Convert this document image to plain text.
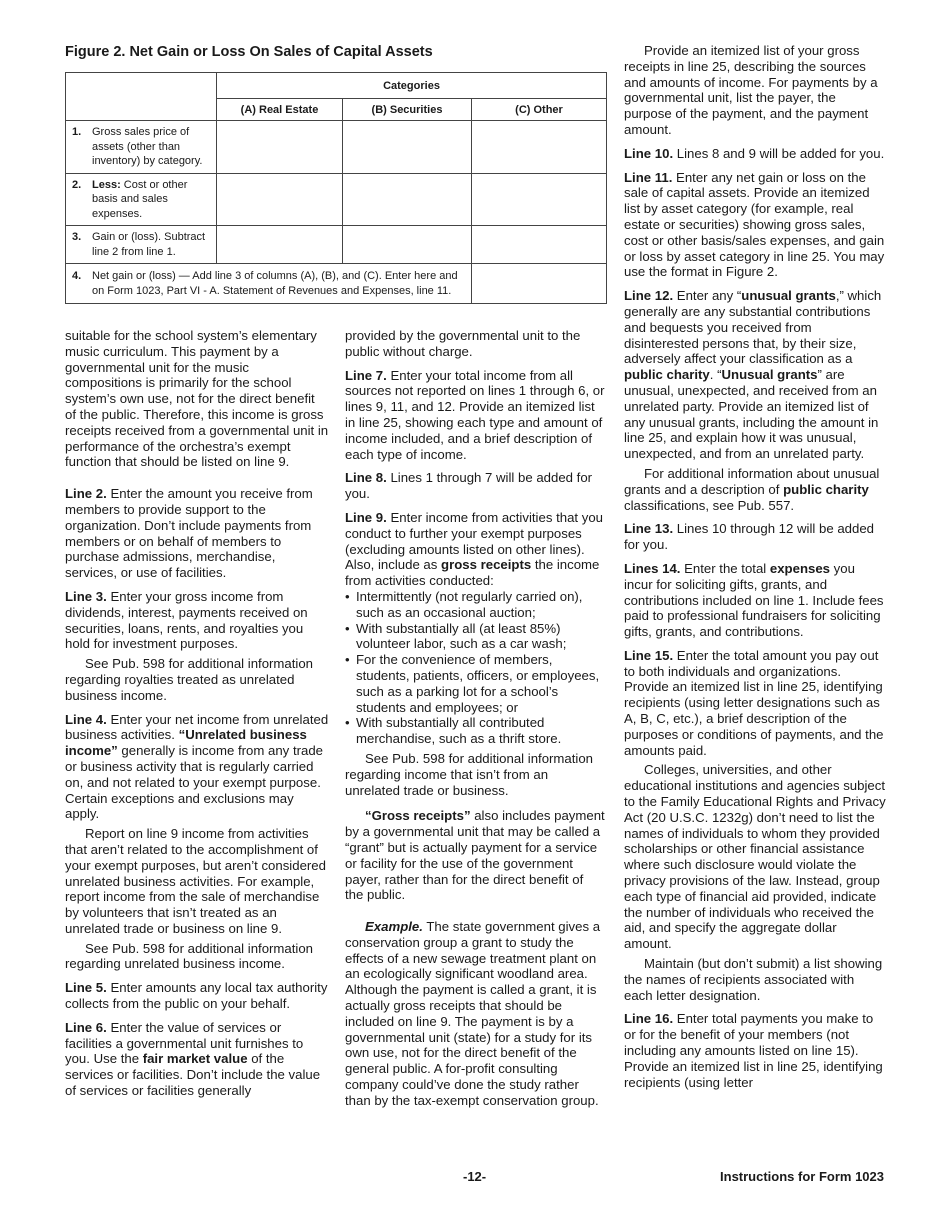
Figure 2. Net Gain or Loss On Sales of Capital Assets
	Categories		
	(A) Real Estate	(B) Securities	(C) Other

1. Gross sales price of assets (other than inventory) by category.			

2. Less: Cost or other basis and sales expenses.			

3. Gain or (loss). Subtract line 2 from line 1.			

4. Net gain or (loss) — Add line 3 of columns (A), (B), and (C). Enter here and on Form 1023, Part VI - A. Statement of Revenues and Expenses, line 11.			

suitable for the school system’s elementary music curriculum. This payment by a governmental unit for the music compositions is primarily for the school system’s own use, not for the direct benefit of the public. Therefore, this income is gross receipts received from a governmental unit in performance of the orchestra’s exempt function that should be listed on line 9.

Line 2. Enter the amount you receive from members to provide support to the organization. Don’t include payments from members or on behalf of members to purchase admissions, merchandise, services, or use of facilities.

Line 3. Enter your gross income from dividends, interest, payments received on securities, loans, rents, and royalties you hold for investment purposes.

See Pub. 598 for additional information regarding royalties treated as unrelated business income.

Line 4. Enter your net income from unrelated business activities. “Unrelated business income” generally is income from any trade or business activity that is regularly carried on, and not related to your exempt purpose. Certain exceptions and exclusions may apply.

Report on line 9 income from activities that aren’t related to the accomplishment of your exempt purposes, but aren’t considered unrelated business activities. For example, report income from the sale of merchandise by volunteers that isn’t treated as an unrelated trade or business on line 9.

See Pub. 598 for additional information regarding unrelated business income.

Line 5. Enter amounts any local tax authority collects from the public on your behalf.

Line 6. Enter the value of services or facilities a governmental unit furnishes to you. Use the fair market value of the services or facilities. Don’t include the value of services or facilities generally

provided by the governmental unit to the public without charge.

Line 7. Enter your total income from all sources not reported on lines 1 through 6, or lines 9, 11, and 12. Provide an itemized list in line 25, showing each type and amount of income included, and a brief description of each type of income.

Line 8. Lines 1 through 7 will be added for you.

Line 9. Enter income from activities that you conduct to further your exempt purposes (excluding amounts listed on other lines). Also, include as gross receipts the income from activities conducted:

• Intermittently (not regularly carried on), such as an occasional auction;
• With substantially all (at least 85%) volunteer labor, such as a car wash;
• For the convenience of members, students, patients, officers, or employees, such as a parking lot for a school’s students and employees; or
• With substantially all contributed merchandise, such as a thrift store.

See Pub. 598 for additional information regarding income that isn’t from an unrelated trade or business.

“Gross receipts” also includes payment by a governmental unit that may be called a “grant” but is actually payment for a service or facility for the use of the government payer, rather than for the direct benefit of the public.

Example. The state government gives a conservation group a grant to study the effects of a new sewage treatment plant on an ecologically significant woodland area. Although the payment is called a grant, it is actually gross receipts that should be included on line 9. The payment is by a governmental unit (state) for a study for its own use, not for the direct benefit of the general public. A for-profit consulting company could’ve done the study rather than by the tax-exempt conservation group.

Provide an itemized list of your gross receipts in line 25, describing the sources and amounts of income. For payments by a governmental unit, list the payer, the purpose of the payment, and the payment amount.

Line 10. Lines 8 and 9 will be added for you.

Line 11. Enter any net gain or loss on the sale of capital assets. Provide an itemized list by asset category (for example, real estate or securities) showing gross sales, cost or other basis/sales expenses, and gain or loss by asset category in line 25. You may use the format in Figure 2.

Line 12. Enter any “unusual grants,” which generally are any substantial contributions and bequests you received from disinterested persons that, by their size, adversely affect your classification as a public charity. “Unusual grants” are unusual, unexpected, and received from an unrelated party. Provide an itemized list of any unusual grants, including the amount in line 25, and explain how it was unusual, unexpected, and from an unrelated party.

For additional information about unusual grants and a description of public charity classifications, see Pub. 557.

Line 13. Lines 10 through 12 will be added for you.

Lines 14. Enter the total expenses you incur for soliciting gifts, grants, and contributions included on line 1. Include fees paid to professional fundraisers for soliciting gifts, grants, and contributions.

Line 15. Enter the total amount you pay out to both individuals and organizations. Provide an itemized list in line 25, identifying recipients (using letter designations such as A, B, C, etc.), a brief description of the purposes or conditions of payments, and the amounts paid.

Colleges, universities, and other educational institutions and agencies subject to the Family Educational Rights and Privacy Act (20 U.S.C. 1232g) don’t need to list the names of individuals to whom they provided scholarships or other financial assistance where such disclosure would violate the privacy provisions of the law. Instead, group each type of financial aid provided, indicate the number of individuals who received the aid, and specify the aggregate dollar amount.

Maintain (but don’t submit) a list showing the names of recipients associated with each letter designation.

Line 16. Enter total payments you make to or for the benefit of your members (not including any amounts listed on line 15). Provide an itemized list in line 25, identifying recipients (using letter

-12-	Instructions for Form 1023
